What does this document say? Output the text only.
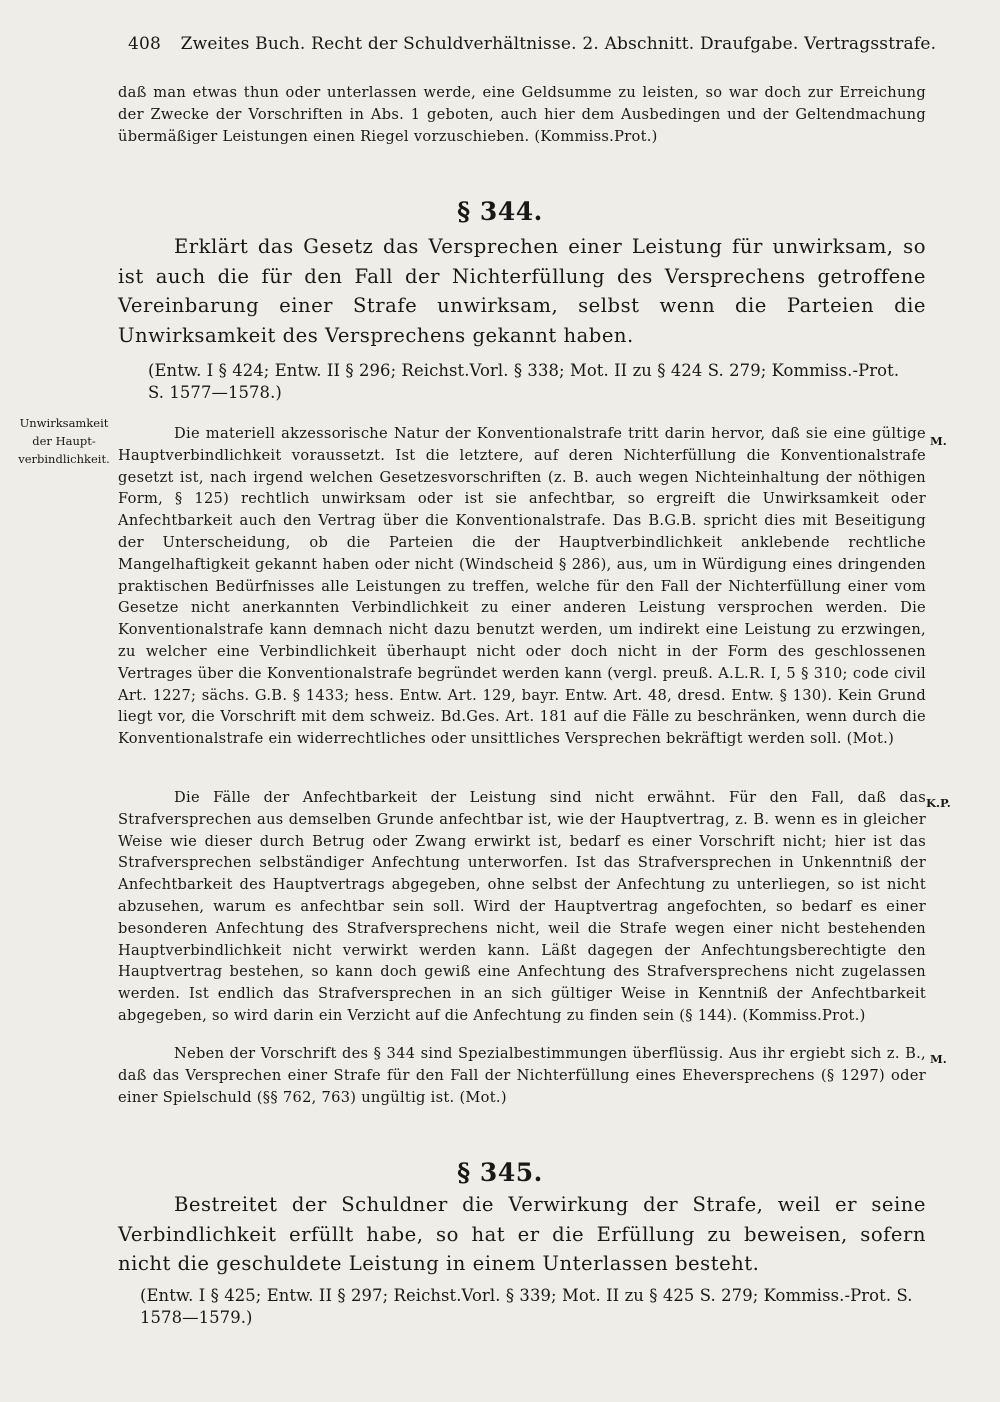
408 Zweites Buch. Recht der Schuldverhältnisse. 2. Abschnitt. Draufgabe. Vertragsstrafe.

daß man etwas thun oder unterlassen werde, eine Geldsumme zu leisten, so war doch zur Erreichung der Zwecke der Vorschriften in Abs. 1 geboten, auch hier dem Ausbedingen und der Geltendmachung übermäßiger Leistungen einen Riegel vorzuschieben. (Kommiss.Prot.)

§ 344.

Erklärt das Gesetz das Versprechen einer Leistung für unwirksam, so ist auch die für den Fall der Nichterfüllung des Versprechens getroffene Vereinbarung einer Strafe unwirksam, selbst wenn die Parteien die Unwirksamkeit des Versprechens gekannt haben.

(Entw. I § 424; Entw. II § 296; Reichst.Vorl. § 338; Mot. II zu § 424 S. 279; Kommiss.-Prot. S. 1577—1578.)

Unwirksamkeit der Haupt-verbindlichkeit.
M.
K.P.
M.

Die materiell akzessorische Natur der Konventionalstrafe tritt darin hervor, daß sie eine gültige Hauptverbindlichkeit voraussetzt. Ist die letztere, auf deren Nichterfüllung die Konventionalstrafe gesetzt ist, nach irgend welchen Gesetzesvorschriften (z. B. auch wegen Nichteinhaltung der nöthigen Form, § 125) rechtlich unwirksam oder ist sie anfechtbar, so ergreift die Unwirksamkeit oder Anfechtbarkeit auch den Vertrag über die Konventionalstrafe. Das B.G.B. spricht dies mit Beseitigung der Unterscheidung, ob die Parteien die der Hauptverbindlichkeit anklebende rechtliche Mangelhaftigkeit gekannt haben oder nicht (Windscheid § 286), aus, um in Würdigung eines dringenden praktischen Bedürfnisses alle Leistungen zu treffen, welche für den Fall der Nichterfüllung einer vom Gesetze nicht anerkannten Verbindlichkeit zu einer anderen Leistung versprochen werden. Die Konventionalstrafe kann demnach nicht dazu benutzt werden, um indirekt eine Leistung zu erzwingen, zu welcher eine Verbindlichkeit überhaupt nicht oder doch nicht in der Form des geschlossenen Vertrages über die Konventionalstrafe begründet werden kann (vergl. preuß. A.L.R. I, 5 § 310; code civil Art. 1227; sächs. G.B. § 1433; hess. Entw. Art. 129, bayr. Entw. Art. 48, dresd. Entw. § 130). Kein Grund liegt vor, die Vorschrift mit dem schweiz. Bd.Ges. Art. 181 auf die Fälle zu beschränken, wenn durch die Konventionalstrafe ein widerrechtliches oder unsittliches Versprechen bekräftigt werden soll. (Mot.)

Die Fälle der Anfechtbarkeit der Leistung sind nicht erwähnt. Für den Fall, daß das Strafversprechen aus demselben Grunde anfechtbar ist, wie der Hauptvertrag, z. B. wenn es in gleicher Weise wie dieser durch Betrug oder Zwang erwirkt ist, bedarf es einer Vorschrift nicht; hier ist das Strafversprechen selbständiger Anfechtung unterworfen. Ist das Strafversprechen in Unkenntniß der Anfechtbarkeit des Hauptvertrags abgegeben, ohne selbst der Anfechtung zu unterliegen, so ist nicht abzusehen, warum es anfechtbar sein soll. Wird der Hauptvertrag angefochten, so bedarf es einer besonderen Anfechtung des Strafversprechens nicht, weil die Strafe wegen einer nicht bestehenden Hauptverbindlichkeit nicht verwirkt werden kann. Läßt dagegen der Anfechtungsberechtigte den Hauptvertrag bestehen, so kann doch gewiß eine Anfechtung des Strafversprechens nicht zugelassen werden. Ist endlich das Strafversprechen in an sich gültiger Weise in Kenntniß der Anfechtbarkeit abgegeben, so wird darin ein Verzicht auf die Anfechtung zu finden sein (§ 144). (Kommiss.Prot.)

Neben der Vorschrift des § 344 sind Spezialbestimmungen überflüssig. Aus ihr ergiebt sich z. B., daß das Versprechen einer Strafe für den Fall der Nichterfüllung eines Eheversprechens (§ 1297) oder einer Spielschuld (§§ 762, 763) ungültig ist. (Mot.)

§ 345.

Bestreitet der Schuldner die Verwirkung der Strafe, weil er seine Verbindlichkeit erfüllt habe, so hat er die Erfüllung zu beweisen, sofern nicht die geschuldete Leistung in einem Unterlassen besteht.

(Entw. I § 425; Entw. II § 297; Reichst.Vorl. § 339; Mot. II zu § 425 S. 279; Kommiss.-Prot. S. 1578—1579.)
